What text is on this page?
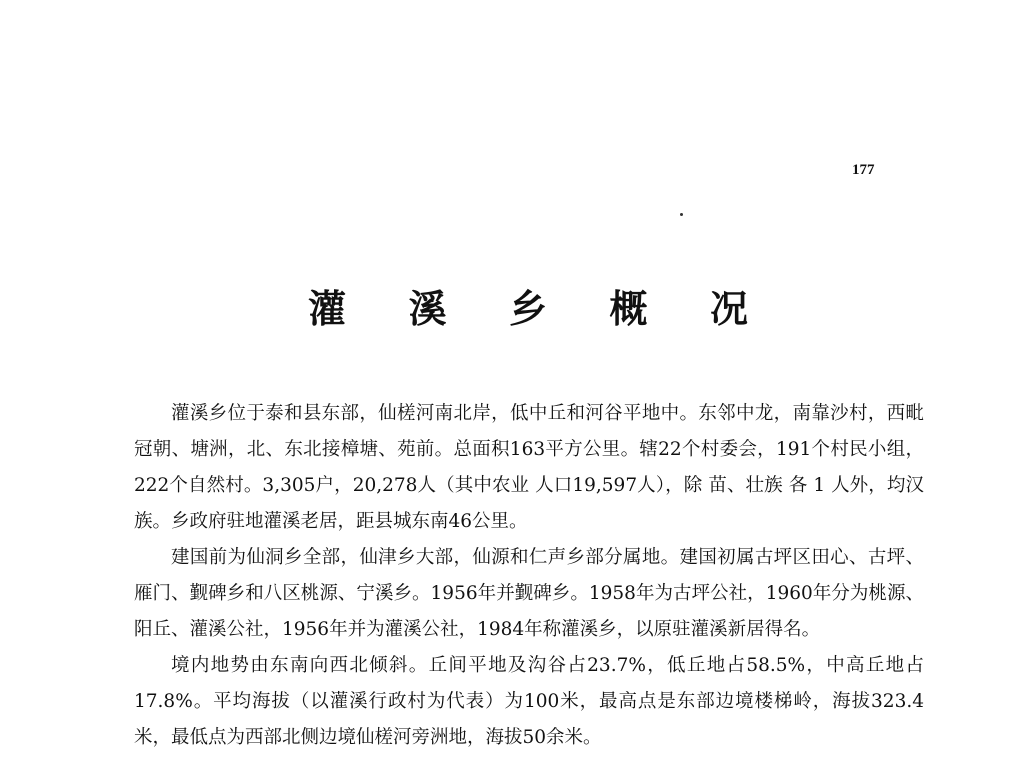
177
灌 溪 乡 概 况

灌溪乡位于泰和县东部，仙槎河南北岸，低中丘和河谷平地中。东邻中龙，南靠沙村，西毗冠朝、塘洲，北、东北接樟塘、苑前。总面积163平方公里。辖22个村委会，191个村民小组，222个自然村。3,305户，20,278人（其中农业 人口19,597人），除 苗、壮族 各 1 人外，均汉族。乡政府驻地灌溪老居，距县城东南46公里。

建国前为仙洞乡全部，仙津乡大部，仙源和仁声乡部分属地。建国初属古坪区田心、古坪、雁门、觐碑乡和八区桃源、宁溪乡。1956年并觐碑乡。1958年为古坪公社，1960年分为桃源、阳丘、灌溪公社，1956年并为灌溪公社，1984年称灌溪乡，以原驻灌溪新居得名。

境内地势由东南向西北倾斜。丘间平地及沟谷占23.7%，低丘地占58.5%，中高丘地占17.8%。平均海拔（以灌溪行政村为代表）为100米，最高点是东部边境楼梯岭，海拔323.4米，最低点为西部北侧边境仙槎河旁洲地，海拔50余米。
